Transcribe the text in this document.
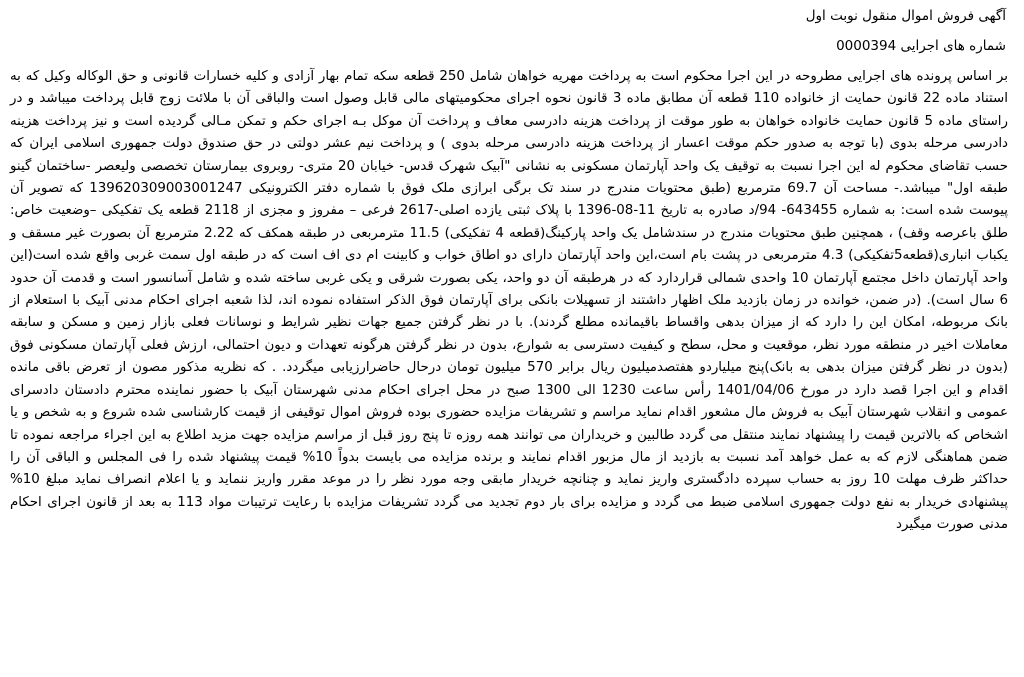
آگهی فروش اموال منقول نوبت اول
شماره های اجرایی 0000394
بر اساس پرونده های اجرایی مطروحه در این اجرا محکوم است به پرداخت مهریه خواهان شامل 250 قطعه سکه تمام بهار آزادی و کلیه خسارات قانونی و حق الوکاله وکیل که به استناد ماده 22 قانون حمایت از خانواده 110 قطعه آن مطابق ماده 3 قانون نحوه اجرای محکومیتهای مالی قابل وصول است والباقی آن با ملائت زوج قابل پرداخت میباشد و در راستای ماده 5 قانون حمایت خانواده خواهان به طور موقت از پرداخت هزینه دادرسی معاف و پرداخت آن موکل بـه اجرای حکم و تمکن مـالی گردیده است و نیز پرداخت هزینه دادرسی مرحله بدوی (با توجه به صدور حکم موقت اعسار از پرداخت هزینه دادرسی مرحله بدوی ) و پرداخت نیم عشر دولتی در حق صندوق دولت جمهوری اسلامی ایران که حسب تقاضای محکوم له این اجرا نسبت به توقیف یک واحد آپارتمان مسکونی به نشانی "آبیک شهرک قدس- خیابان 20 متری- روبروی بیمارستان تخصصی ولیعصر -ساختمان گینو طبقه اول" میباشد.- مساحت آن 69.7 مترمربع (طبق محتویات مندرج در سند تک برگی ابرازی ملک فوق با شماره دفتر الکترونیکی 139620309003001247 که تصویر آن پیوست شده است: به شماره 643455- 94/د صادره به تاریخ 11-08-1396 با پلاک ثبتی یازده اصلی-2617 فرعی – مفروز و مجزی از 2118 قطعه یک تفکیکی –وضعیت خاص: طلق باعرصه وقف) ، همچنین طبق محتویات مندرج در سندشامل یک واحد پارکینگ(قطعه 4 تفکیکی) 11.5 مترمربعی در طبقه همکف که 2.22 مترمربع آن بصورت غیر مسقف و یکباب انباری(قطعه5تفکیکی) 4.3 مترمربعی در پشت بام است،این واحد آپارتمان دارای دو اطاق خواب و کابینت ام دی اف است که در طبقه اول سمت غربی واقع شده است(این واحد آپارتمان داخل مجتمع آپارتمان 10 واحدی شمالی قراردارد که در هرطبقه آن دو واحد، یکی بصورت شرقی و یکی غربی ساخته شده و شامل آسانسور است و قدمت آن حدود 6 سال است). (در ضمن، خوانده در زمان بازدید ملک اظهار داشتند از تسهیلات بانکی برای آپارتمان فوق الذکر استفاده نموده اند، لذا شعبه اجرای احکام مدنی آبیک با استعلام از بانک مربوطه، امکان این را دارد که از میزان بدهی واقساط باقیمانده مطلع گردند). با در نظر گرفتن جمیع جهات نظیر شرایط و نوسانات فعلی بازار زمین و مسکن و سابقه معاملات اخیر در منطقه مورد نظر، موقعیت و محل، سطح و کیفیت دسترسی به شوارع، بدون در نظر گرفتن هرگونه تعهدات و دیون احتمالی، ارزش فعلی آپارتمان مسکونی فوق (بدون در نظر گرفتن میزان بدهی به بانک)پنج میلیاردو هفتصدمیلیون ریال برابر 570 میلیون تومان درحال حاضرارزیابی میگردد. . که نظریه مذکور مصون از تعرض باقی مانده اقدام و این اجرا قصد دارد در مورخ 1401/04/06 رأس ساعت 1230 الی 1300 صبح در محل اجرای احکام مدنی شهرستان آبیک با حضور نماینده محترم دادستان دادسرای عمومی و انقلاب شهرستان آبیک به فروش مال مشعور اقدام نماید مراسم و تشریفات مزایده حضوری بوده فروش اموال توقیفی از قیمت کارشناسی شده شروع و به شخص و یا اشخاص که بالاترین قیمت را پیشنهاد نمایند منتقل می گردد طالبین و خریداران می توانند همه روزه تا پنج روز قبل از مراسم مزایده جهت مزید اطلاع به این اجراء مراجعه نموده تا ضمن هماهنگی لازم که به عمل خواهد آمد نسبت به بازدید از مال مزبور اقدام نمایند و برنده مزایده می بایست بدواً 10% قیمت پیشنهاد شده را فی المجلس و الباقی آن را حداکثر ظرف مهلت 10 روز به حساب سپرده دادگستری واریز نماید و چنانچه خریدار مابقی وجه مورد نظر را در موعد مقرر واریز ننماید و یا اعلام انصراف نماید مبلغ 10% پیشنهادی خریدار به نفع دولت جمهوری اسلامی ضبط می گردد و مزایده برای بار دوم تجدید می گردد تشریفات مزایده با رعایت ترتیبات مواد 113 به بعد از قانون اجرای احکام مدنی صورت میگیرد
